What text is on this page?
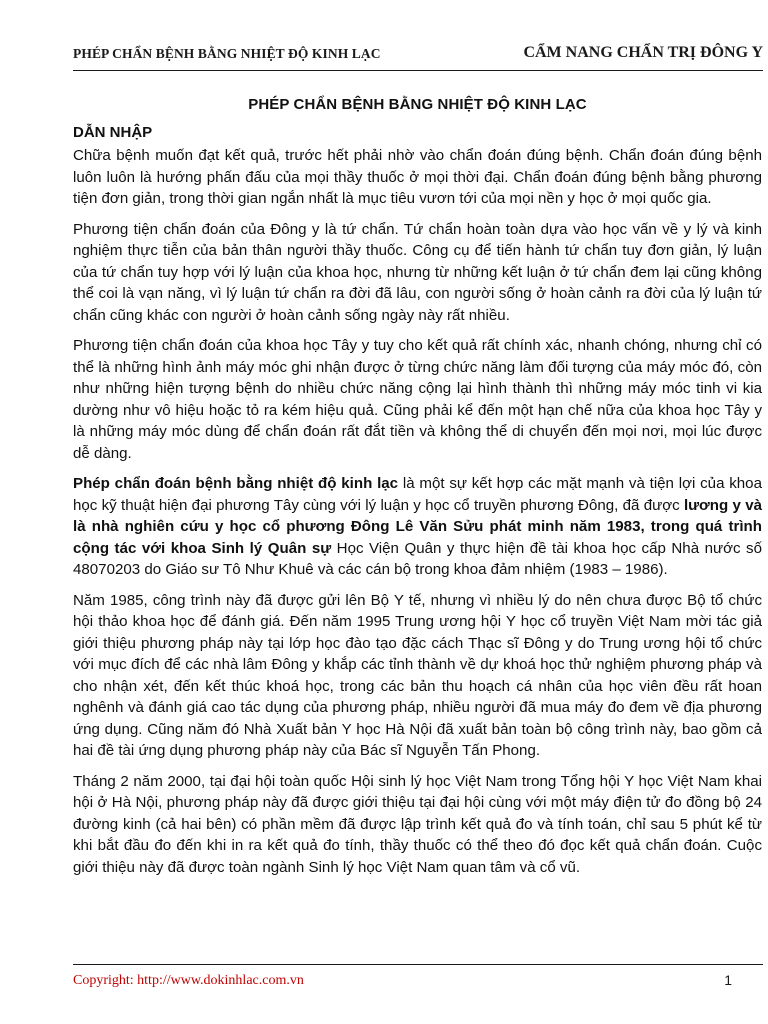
PHÉP CHẨN BỆNH BẰNG NHIỆT ĐỘ KINH LẠC	CẨM NANG CHẨN TRỊ ĐÔNG Y
PHÉP CHẨN BỆNH BẰNG NHIỆT ĐỘ KINH LẠC
DẪN NHẬP

Chữa bệnh muốn đạt kết quả, trước hết phải nhờ vào chẩn đoán đúng bệnh. Chẩn đoán đúng bệnh luôn luôn là hướng phấn đấu của mọi thầy thuốc ở mọi thời đại. Chẩn đoán đúng bệnh bằng phương tiện đơn giản, trong thời gian ngắn nhất là mục tiêu vươn tới của mọi nền y học ở mọi quốc gia.

Phương tiện chẩn đoán của Đông y là tứ chẩn. Tứ chẩn hoàn toàn dựa vào học vấn về y lý và kinh nghiệm thực tiễn của bản thân người thầy thuốc. Công cụ để tiến hành tứ chẩn tuy đơn giản, lý luận của tứ chẩn tuy hợp với lý luận của khoa học, nhưng từ những kết luận ở tứ chẩn đem lại cũng không thể coi là vạn năng, vì lý luận tứ chẩn ra đời đã lâu, con người sống ở hoàn cảnh ra đời của lý luận tứ chẩn cũng khác con người ở hoàn cảnh sống ngày này rất nhiều.

Phương tiện chẩn đoán của khoa học Tây y tuy cho kết quả rất chính xác, nhanh chóng, nhưng chỉ có thể là những hình ảnh máy móc ghi nhận được ở từng chức năng làm đối tượng của máy móc đó, còn như những hiện tượng bệnh do nhiều chức năng cộng lại hình thành thì những máy móc tinh vi kia dường như vô hiệu hoặc tỏ ra kém hiệu quả. Cũng phải kể đến một hạn chế nữa của khoa học Tây y là những máy móc dùng để chẩn đoán rất đắt tiền và không thể di chuyển đến mọi nơi, mọi lúc được dễ dàng.

Phép chẩn đoán bệnh bằng nhiệt độ kinh lạc là một sự kết hợp các mặt mạnh và tiện lợi của khoa học kỹ thuật hiện đại phương Tây cùng với lý luận y học cổ truyền phương Đông, đã được lương y và là nhà nghiên cứu y học cổ phương Đông Lê Văn Sửu phát minh năm 1983, trong quá trình cộng tác với khoa Sinh lý Quân sự Học Viện Quân y thực hiện đề tài khoa học cấp Nhà nước số 48070203 do Giáo sư Tô Như Khuê và các cán bộ trong khoa đảm nhiệm (1983 – 1986).

Năm 1985, công trình này đã được gửi lên Bộ Y tế, nhưng vì nhiều lý do nên chưa được Bộ tổ chức hội thảo khoa học để đánh giá. Đến năm 1995 Trung ương hội Y học cổ truyền Việt Nam mời tác giả giới thiệu phương pháp này tại lớp học đào tạo đặc cách Thạc sĩ Đông y do Trung ương hội tổ chức với mục đích để các nhà lâm Đông y khắp các tỉnh thành về dự khoá học thử nghiệm phương pháp và cho nhận xét, đến kết thúc khoá học, trong các bản thu hoạch cá nhân của học viên đều rất hoan nghênh và đánh giá cao tác dụng của phương pháp, nhiều người đã mua máy đo đem về địa phương ứng dụng. Cũng năm đó Nhà Xuất bản Y học Hà Nội đã xuất bản toàn bộ công trình này, bao gồm cả hai đề tài ứng dụng phương pháp này của Bác sĩ Nguyễn Tấn Phong.

Tháng 2 năm 2000, tại đại hội toàn quốc Hội sinh lý học Việt Nam trong Tổng hội Y học Việt Nam khai hội ở Hà Nội, phương pháp này đã được giới thiệu tại đại hội cùng với một máy điện tử đo đồng bộ 24 đường kinh (cả hai bên) có phần mềm đã được lập trình kết quả đo và tính toán, chỉ sau 5 phút kể từ khi bắt đầu đo đến khi in ra kết quả đo tính, thầy thuốc có thể theo đó đọc kết quả chẩn đoán. Cuộc giới thiệu này đã được toàn ngành Sinh lý học Việt Nam quan tâm và cổ vũ.

Copyright: http://www.dokinhlac.com.vn	1
